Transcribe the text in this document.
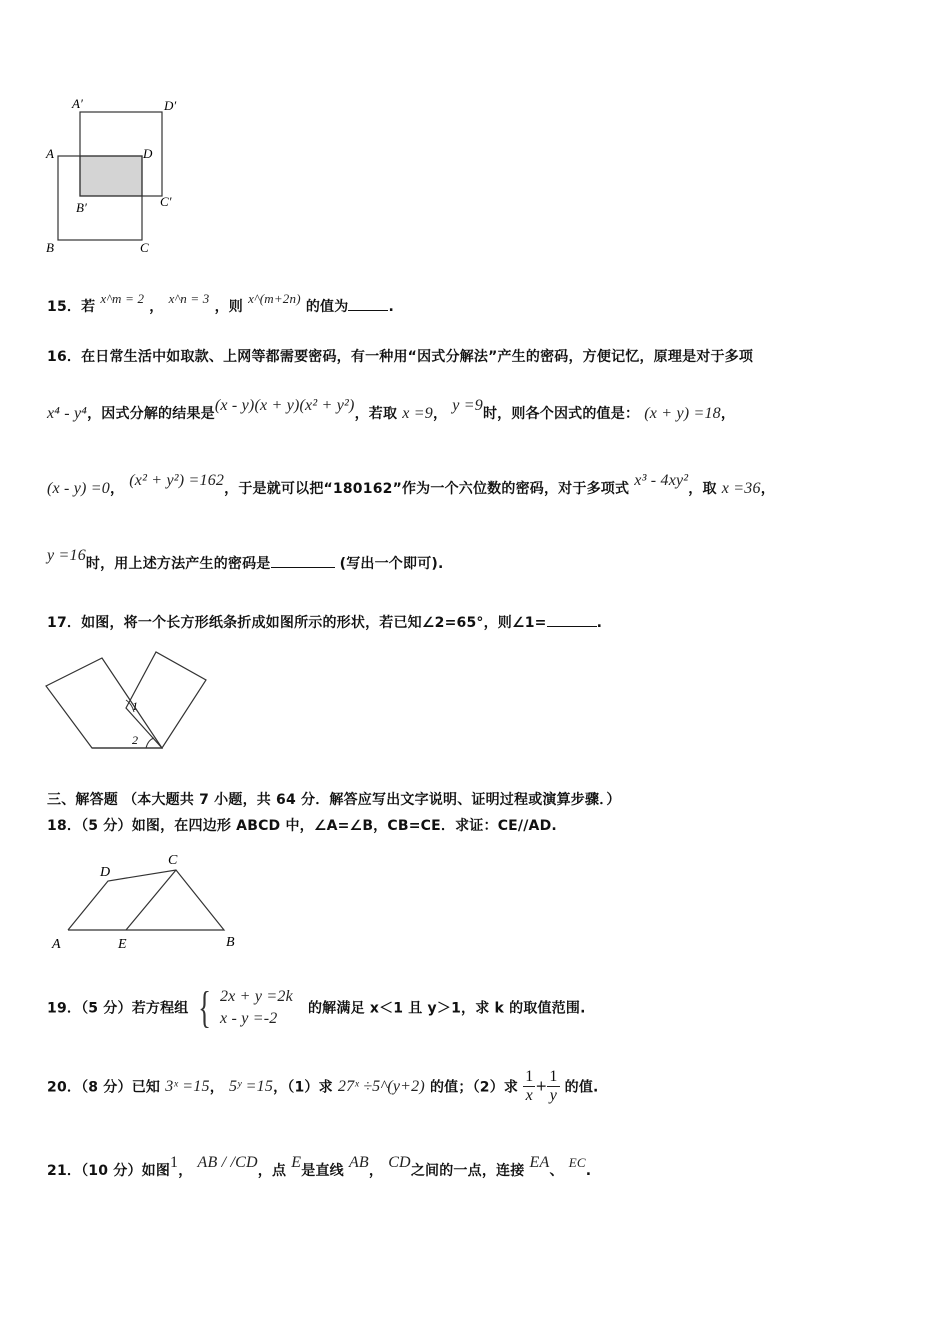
A′	D′
A	D
B′	C′
B	C
15．若 x^m = 2 ， x^n = 3 ，则 x^(m+2n) 的值为	.
16．在日常生活中如取款、上网等都需要密码，有一种用“因式分解法”产生的密码，方便记忆，原理是对于多项
x⁴ - y⁴，因式分解的结果是(x - y)(x + y)(x² + y²)，若取 x =9， y =9时，则各个因式的值是： (x + y) =18，
(x - y) =0， (x² + y²) =162，于是就可以把“180162”作为一个六位数的密码，对于多项式 x³ - 4xy²，取 x =36，
y =16时，用上述方法产生的密码是	(写出一个即可).
17．如图，将一个长方形纸条折成如图所示的形状，若已知∠2=65°，则∠1=	.
1
2
三、解答题 （本大题共 7 小题，共 64 分．解答应写出文字说明、证明过程或演算步骤．）
18．（5 分）如图，在四边形 ABCD 中，∠A=∠B，CB=CE．求证：CE//AD.
D
C
A	E	B
19．（5 分）若方程组 { 2x + y =2k
x - y =-2
的解满足 x＜1 且 y＞1，求 k 的取值范围.
20．（8 分）已知 3ˣ =15， 5ʸ =15，（1）求 27ˣ ÷5^(y+2) 的值；（2）求 $\frac{1}{x} + \frac{1}{y}$ 的值.
21．（10 分）如图1， AB / /CD，点 E是直线 AB， CD之间的一点，连接 EA、 EC.
